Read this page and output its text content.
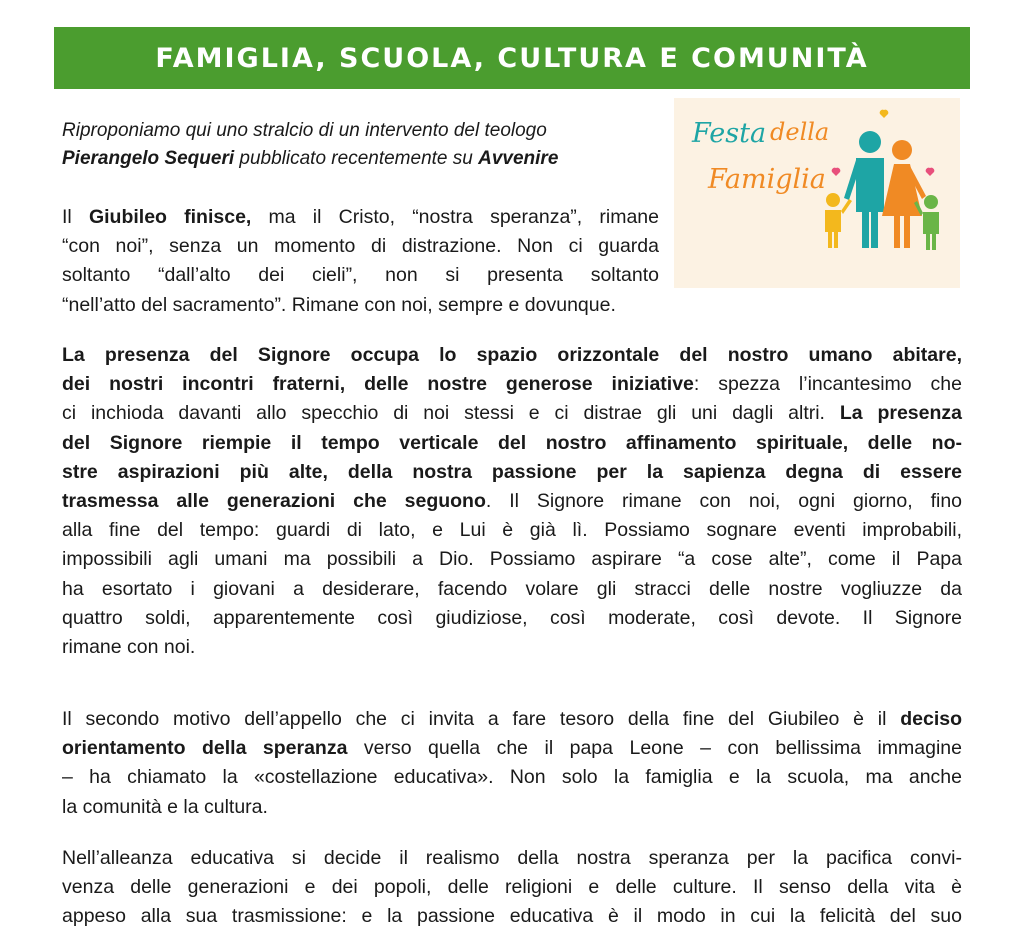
FAMIGLIA, SCUOLA, CULTURA E COMUNITÀ
Festa della
Famiglia
Riproponiamo qui uno stralcio di un intervento del teologo
Pierangelo Sequeri pubblicato recentemente su Avvenire
Il Giubileo finisce, ma il Cristo, “nostra speranza”, rimane
“con noi”, senza un momento di distrazione. Non ci guarda
soltanto “dall’alto dei cieli”, non si presenta soltanto
“nell’atto del sacramento”. Rimane con noi, sempre e dovunque.
La presenza del Signore occupa lo spazio orizzontale del nostro umano abitare,
dei nostri incontri fraterni, delle nostre generose iniziative: spezza l’incantesimo che
ci inchioda davanti allo specchio di noi stessi e ci distrae gli uni dagli altri. La presenza
del Signore riempie il tempo verticale del nostro affinamento spirituale, delle no-
stre aspirazioni più alte, della nostra passione per la sapienza degna di essere
trasmessa alle generazioni che seguono. Il Signore rimane con noi, ogni giorno, fino
alla fine del tempo: guardi di lato, e Lui è già lì. Possiamo sognare eventi improbabili,
impossibili agli umani ma possibili a Dio. Possiamo aspirare “a cose alte”, come il Papa
ha esortato i giovani a desiderare, facendo volare gli stracci delle nostre vogliuzze da
quattro soldi, apparentemente così giudiziose, così moderate, così devote. Il Signore
rimane con noi.
Il secondo motivo dell’appello che ci invita a fare tesoro della fine del Giubileo è il deciso
orientamento della speranza verso quella che il papa Leone – con bellissima immagine
– ha chiamato la «costellazione educativa». Non solo la famiglia e la scuola, ma anche
la comunità e la cultura.
Nell’alleanza educativa si decide il realismo della nostra speranza per la pacifica convi-
venza delle generazioni e dei popoli, delle religioni e delle culture. Il senso della vita è
appeso alla sua trasmissione: e la passione educativa è il modo in cui la felicità del suo
